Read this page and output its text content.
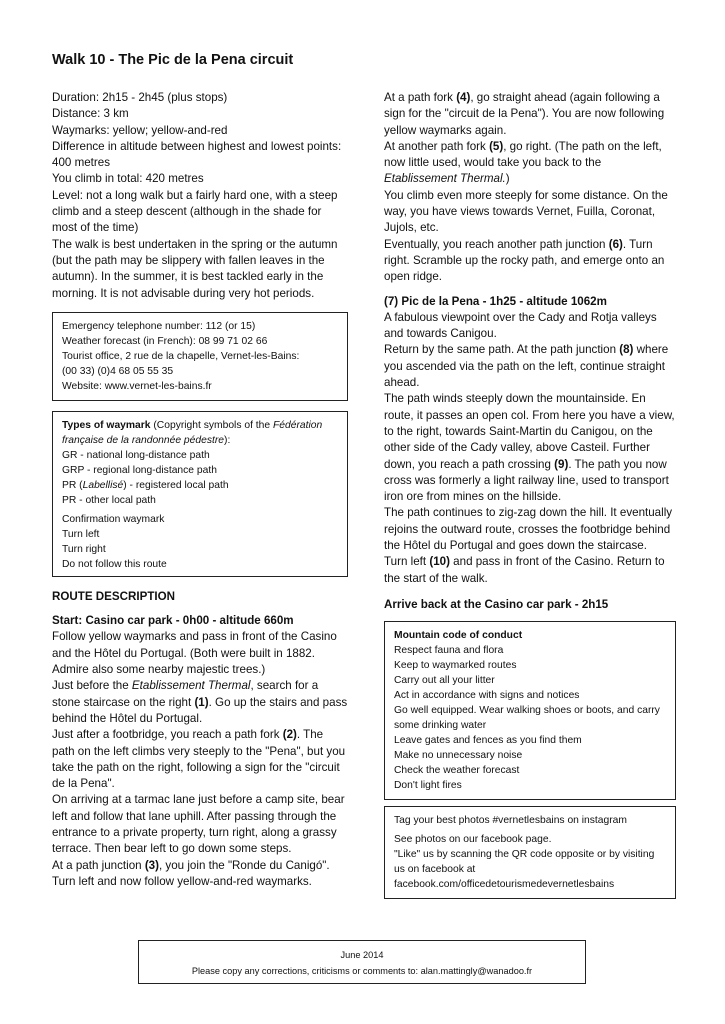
Walk 10 - The Pic de la Pena circuit

Duration: 2h15 - 2h45 (plus stops)

Distance: 3 km

Waymarks: yellow; yellow-and-red

Difference in altitude between highest and lowest points: 400 metres

You climb in total: 420 metres

Level: not a long walk but a fairly hard one, with a steep climb and a steep descent (although in the shade for most of the time)

The walk is best undertaken in the spring or the autumn (but the path may be slippery with fallen leaves in the autumn). In the summer, it is best tackled early in the morning. It is not advisable during very hot periods.

Emergency telephone number: 112 (or 15)

Weather forecast (in French): 08 99 71 02 66

Tourist office, 2 rue de la chapelle, Vernet-les-Bains:

(00 33) (0)4 68 05 55 35

Website: www.vernet-les-bains.fr

Types of waymark (Copyright symbols of the Fédération française de la randonnée pédestre):

GR - national long-distance path

GRP - regional long-distance path

PR (Labellisé) - registered local path

PR - other local path

Confirmation waymark

Turn left

Turn right

Do not follow this route

ROUTE DESCRIPTION

Start: Casino car park - 0h00 - altitude 660m

Follow yellow waymarks and pass in front of the Casino and the Hôtel du Portugal. (Both were built in 1882. Admire also some nearby majestic trees.)

Just before the Etablissement Thermal, search for a stone staircase on the right (1). Go up the stairs and pass behind the Hôtel du Portugal.

Just after a footbridge, you reach a path fork (2). The path on the left climbs very steeply to the "Pena", but you take the path on the right, following a sign for the "circuit de la Pena".

On arriving at a tarmac lane just before a camp site, bear left and follow that lane uphill. After passing through the entrance to a private property, turn right, along a grassy terrace. Then bear left to go down some steps.

At a path junction (3), you join the "Ronde du Canigó". Turn left and now follow yellow-and-red waymarks.

At a path fork (4), go straight ahead (again following a sign for the "circuit de la Pena"). You are now following yellow waymarks again.

At another path fork (5), go right. (The path on the left, now little used, would take you back to the Etablissement Thermal.)

You climb even more steeply for some distance. On the way, you have views towards Vernet, Fuilla, Coronat, Jujols, etc.

Eventually, you reach another path junction (6). Turn right. Scramble up the rocky path, and emerge onto an open ridge.

(7) Pic de la Pena - 1h25 - altitude 1062m

A fabulous viewpoint over the Cady and Rotja valleys and towards Canigou.

Return by the same path. At the path junction (8) where you ascended via the path on the left, continue straight ahead.

The path winds steeply down the mountainside. En route, it passes an open col. From here you have a view, to the right, towards Saint-Martin du Canigou, on the other side of the Cady valley, above Casteil. Further down, you reach a path crossing (9). The path you now cross was formerly a light railway line, used to transport iron ore from mines on the hillside.

The path continues to zig-zag down the hill. It eventually rejoins the outward route, crosses the footbridge behind the Hôtel du Portugal and goes down the staircase.

Turn left (10) and pass in front of the Casino. Return to the start of the walk.

Arrive back at the Casino car park - 2h15

Mountain code of conduct

Respect fauna and flora

Keep to waymarked routes

Carry out all your litter

Act in accordance with signs and notices

Go well equipped. Wear walking shoes or boots, and carry some drinking water

Leave gates and fences as you find them

Make no unnecessary noise

Check the weather forecast

Don't light fires

Tag your best photos #vernetlesbains on instagram

See photos on our facebook page.

"Like" us by scanning the QR code opposite or by visiting us on facebook at

facebook.com/officedetourismedevernetlesbains

June 2014

Please copy any corrections, criticisms or comments to: alan.mattingly@wanadoo.fr
